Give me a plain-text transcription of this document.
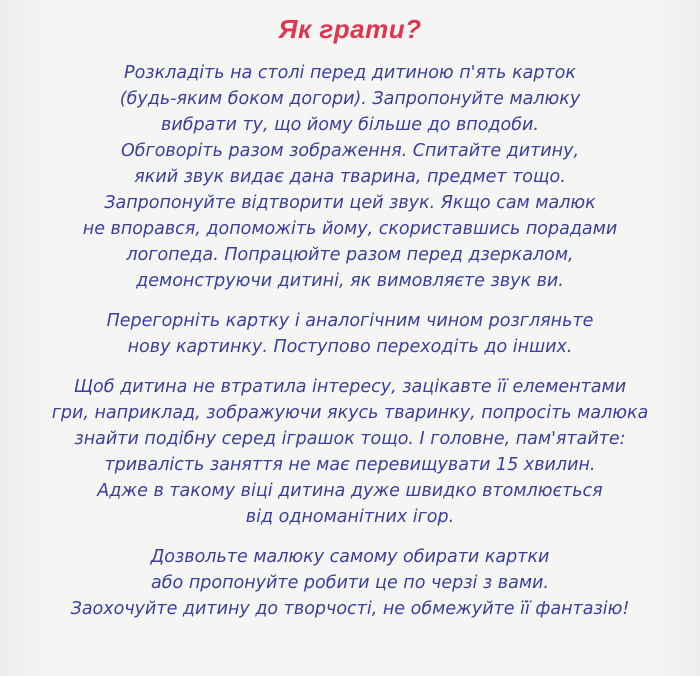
Як грати?
Розкладіть на столі перед дитиною п'ять карток
(будь-яким боком догори). Запропонуйте малюку
вибрати ту, що йому більше до вподоби.
Обговоріть разом зображення. Спитайте дитину,
який звук видає дана тварина, предмет тощо.
Запропонуйте відтворити цей звук. Якщо сам малюк
не впорався, допоможіть йому, скориставшись порадами
логопеда. Попрацюйте разом перед дзеркалом,
демонструючи дитині, як вимовляєте звук ви.
Перегорніть картку і аналогічним чином розгляньте
нову картинку. Поступово переходіть до інших.
Щоб дитина не втратила інтересу, зацікавте її елементами
гри, наприклад, зображуючи якусь тваринку, попросіть малюка
знайти подібну серед іграшок тощо. І головне, пам'ятайте:
тривалість заняття не має перевищувати 15 хвилин.
Адже в такому віці дитина дуже швидко втомлюється
від одноманітних ігор.
Дозвольте малюку самому обирати картки
або пропонуйте робити це по черзі з вами.
Заохочуйте дитину до творчості, не обмежуйте її фантазію!
